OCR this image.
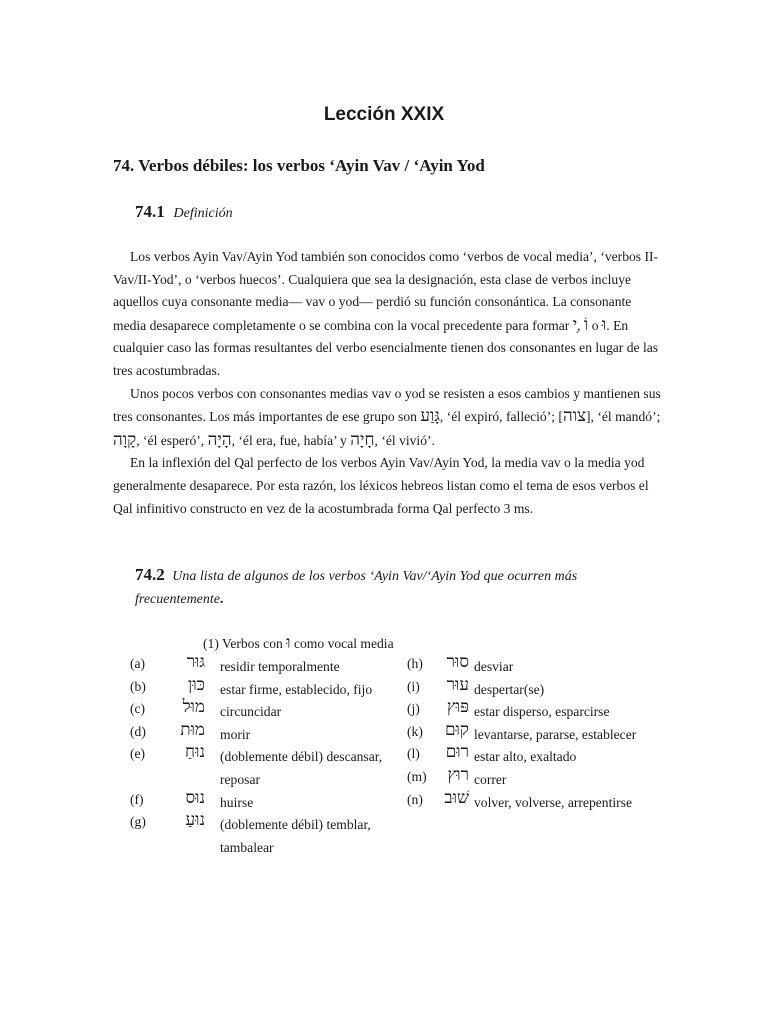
Lección XXIX
74. Verbos débiles: los verbos ‘Ayin Vav / ‘Ayin Yod
74.1 Definición

Los verbos Ayin Vav/Ayin Yod también son conocidos como ‘verbos de vocal media’, ‘verbos II-Vav/II-Yod’, o ‘verbos huecos’. Cualquiera que sea la designación, esta clase de verbos incluye aquellos cuya consonante media— vav o yod— perdió su función consonántica. La consonante media desaparece completamente o se combina con la vocal precedente para formar ִי, וֹ o וּ. En cualquier caso las formas resultantes del verbo esencialmente tienen dos consonantes en lugar de las tres acostumbradas.

Unos pocos verbos con consonantes medias vav o yod se resisten a esos cambios y mantienen sus tres consonantes. Los más importantes de ese grupo son גָּוַע, ‘él expiró, falleció’; [צוה], ‘él mandó’; קָוָה, ‘él esperó’, הָיָה, ‘él era, fue, había’ y חָיָה, ‘él vivió’.

En la inflexión del Qal perfecto de los verbos Ayin Vav/Ayin Yod, la media vav o la media yod generalmente desaparece. Por esta razón, los léxicos hebreos listan como el tema de esos verbos el Qal infinitivo constructo en vez de la acostumbrada forma Qal perfecto 3 ms.

74.2 Una lista de algunos de los verbos ‘Ayin Vav/‘Ayin Yod que ocurren más frecuentemente.
(1) Verbos con וּ como vocal media
(a)	גּוּר residir temporalmente
(b)	כּוּן estar firme, establecido, fijo
(c)	מוּל circuncidar
(d)	מוּת morir
(e)	נוּחַ (doblemente débil) descansar, reposar
(f)	נוּס huirse
(g)	נוּעַ (doblemente débil) temblar, tambalear
(h)	סוּר desviar
(i)	עוּר despertar(se)
(j)	פּוּץ estar disperso, esparcirse
(k)	קוּם levantarse, pararse, establecer
(l)	רוּם estar alto, exaltado
(m)	רוּץ correr
(n)	שׁוּב volver, volverse, arrepentirse
